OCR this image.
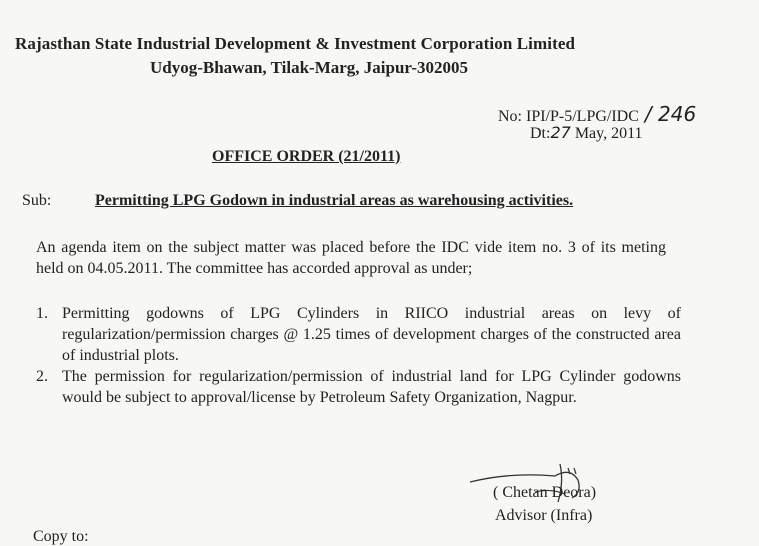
Rajasthan State Industrial Development & Investment Corporation Limited
Udyog-Bhawan, Tilak-Marg, Jaipur-302005
No: IPI/P-5/LPG/IDC / 246
Dt:27 May, 2011
OFFICE ORDER (21/2011)
Sub:	Permitting LPG Godown in industrial areas as warehousing activities.
An agenda item on the subject matter was placed before the IDC vide item no. 3 of its meting held on 04.05.2011. The committee has accorded approval as under;
1. Permitting godowns of LPG Cylinders in RIICO industrial areas on levy of regularization/permission charges @ 1.25 times of development charges of the constructed area of industrial plots.
2. The permission for regularization/permission of industrial land for LPG Cylinder godowns would be subject to approval/license by Petroleum Safety Organization, Nagpur.
( Chetan Deora)
Advisor (Infra)
Copy to:
